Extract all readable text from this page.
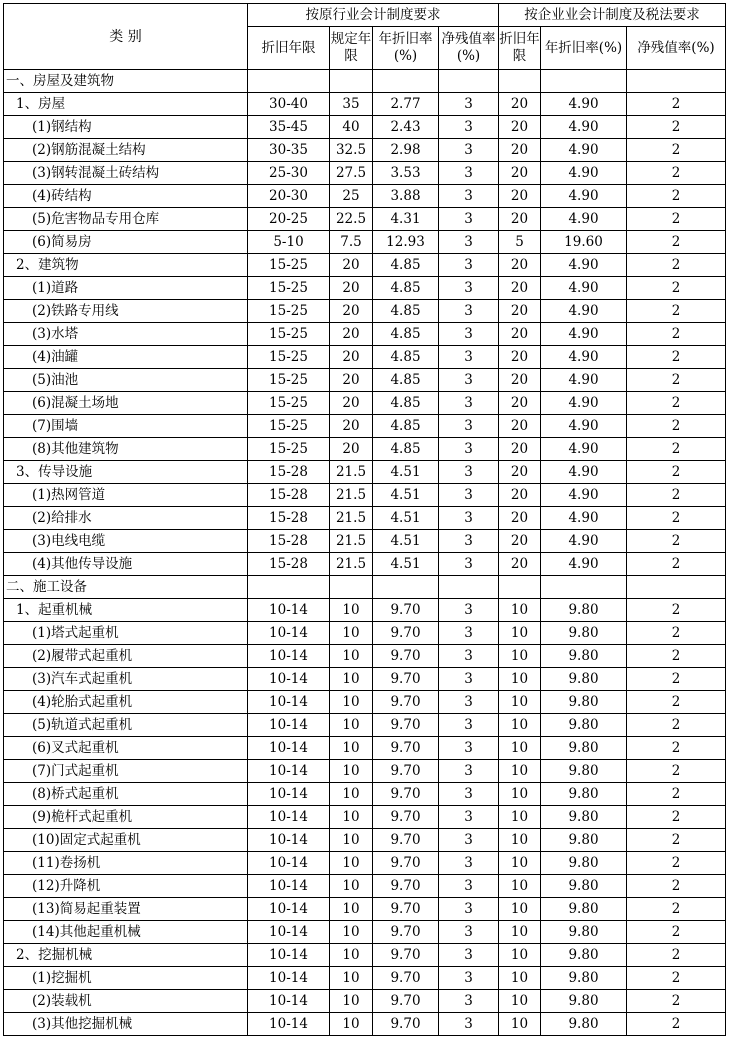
类 别	按原行业会计制度要求				按企业业会计制度及税法要求		
	折旧年限	规定年限	年折旧率(%)	净残值率(%)	折旧年限	年折旧率(%)	净残值率(%)
一、房屋及建筑物							
1、房屋	30-40	35	2.77	3	20	4.90	2
(1)钢结构	35-45	40	2.43	3	20	4.90	2
(2)钢筋混凝土结构	30-35	32.5	2.98	3	20	4.90	2
(3)钢转混凝土砖结构	25-30	27.5	3.53	3	20	4.90	2
(4)砖结构	20-30	25	3.88	3	20	4.90	2
(5)危害物品专用仓库	20-25	22.5	4.31	3	20	4.90	2
(6)简易房	5-10	7.5	12.93	3	5	19.60	2
2、建筑物	15-25	20	4.85	3	20	4.90	2
(1)道路	15-25	20	4.85	3	20	4.90	2
(2)铁路专用线	15-25	20	4.85	3	20	4.90	2
(3)水塔	15-25	20	4.85	3	20	4.90	2
(4)油罐	15-25	20	4.85	3	20	4.90	2
(5)油池	15-25	20	4.85	3	20	4.90	2
(6)混凝土场地	15-25	20	4.85	3	20	4.90	2
(7)围墙	15-25	20	4.85	3	20	4.90	2
(8)其他建筑物	15-25	20	4.85	3	20	4.90	2
3、传导设施	15-28	21.5	4.51	3	20	4.90	2
(1)热网管道	15-28	21.5	4.51	3	20	4.90	2
(2)给排水	15-28	21.5	4.51	3	20	4.90	2
(3)电线电缆	15-28	21.5	4.51	3	20	4.90	2
(4)其他传导设施	15-28	21.5	4.51	3	20	4.90	2
二、施工设备							
1、起重机械	10-14	10	9.70	3	10	9.80	2
(1)塔式起重机	10-14	10	9.70	3	10	9.80	2
(2)履带式起重机	10-14	10	9.70	3	10	9.80	2
(3)汽车式起重机	10-14	10	9.70	3	10	9.80	2
(4)轮胎式起重机	10-14	10	9.70	3	10	9.80	2
(5)轨道式起重机	10-14	10	9.70	3	10	9.80	2
(6)叉式起重机	10-14	10	9.70	3	10	9.80	2
(7)门式起重机	10-14	10	9.70	3	10	9.80	2
(8)桥式起重机	10-14	10	9.70	3	10	9.80	2
(9)桅杆式起重机	10-14	10	9.70	3	10	9.80	2
(10)固定式起重机	10-14	10	9.70	3	10	9.80	2
(11)卷扬机	10-14	10	9.70	3	10	9.80	2
(12)升降机	10-14	10	9.70	3	10	9.80	2
(13)简易起重装置	10-14	10	9.70	3	10	9.80	2
(14)其他起重机械	10-14	10	9.70	3	10	9.80	2
2、挖掘机械	10-14	10	9.70	3	10	9.80	2
(1)挖掘机	10-14	10	9.70	3	10	9.80	2
(2)装载机	10-14	10	9.70	3	10	9.80	2
(3)其他挖掘机械	10-14	10	9.70	3	10	9.80	2
